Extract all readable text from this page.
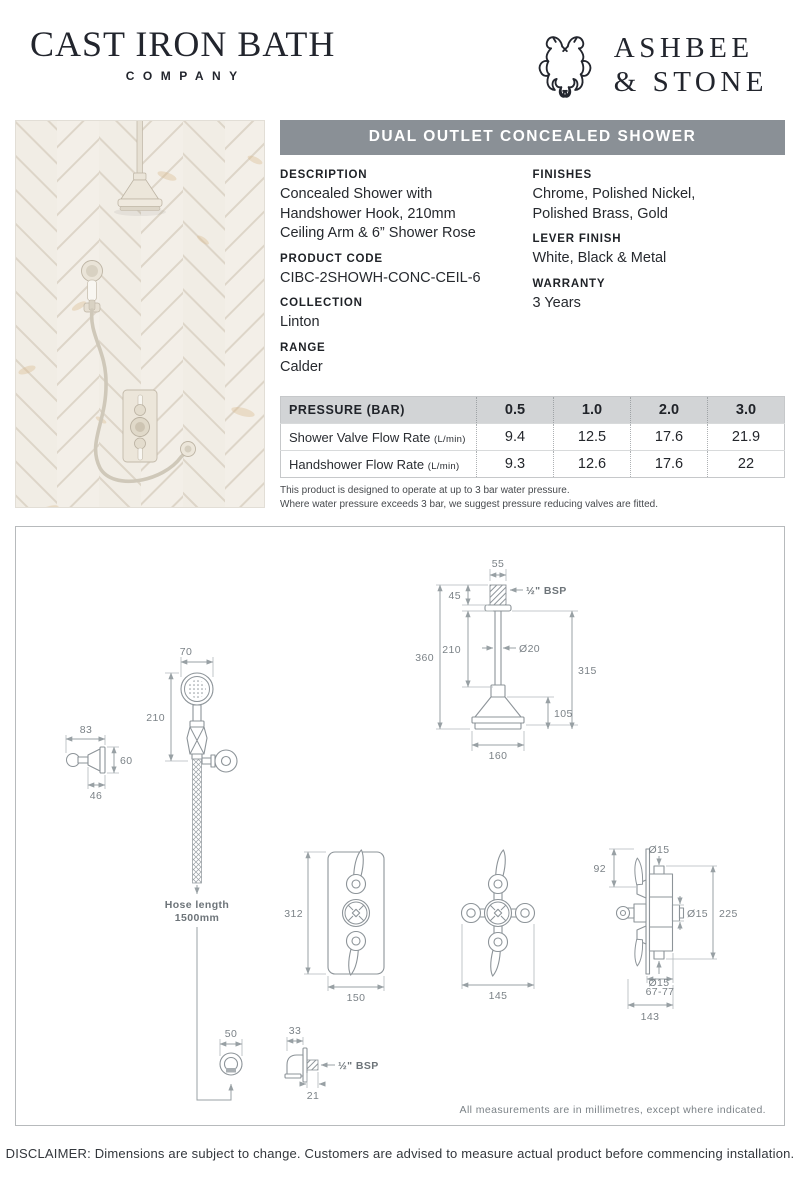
CAST IRON BATH
COMPANY
ASHBEE
& STONE
DUAL OUTLET CONCEALED SHOWER
DESCRIPTION

Concealed Shower with Handshower Hook, 210mm Ceiling Arm & 6” Shower Rose

PRODUCT CODE

CIBC-2SHOWH-CONC-CEIL-6

COLLECTION

Linton

RANGE

Calder

FINISHES

Chrome, Polished Nickel, Polished Brass, Gold

LEVER FINISH

White, Black & Metal

WARRANTY

3 Years

PRESSURE (BAR)	0.5	1.0	2.0	3.0
Shower Valve Flow Rate (L/min)	9.4	12.5	17.6	21.9
Handshower Flow Rate (L/min)	9.3	12.6	17.6	22
This product is designed to operate at up to 3 bar water pressure.
Where water pressure exceeds 3 bar, we suggest pressure reducing valves are fitted.
55
½" BSP
45
210
360
Ø20
315
105
160
Hose length
1500mm
70
210
83
60
46
312
150	145
92
Ø15
Ø15
Ø15 225
67-77
143
50	33
½" BSP
21
All measurements are in millimetres, except where indicated.
DISCLAIMER: Dimensions are subject to change. Customers are advised to measure actual product before commencing installation.
